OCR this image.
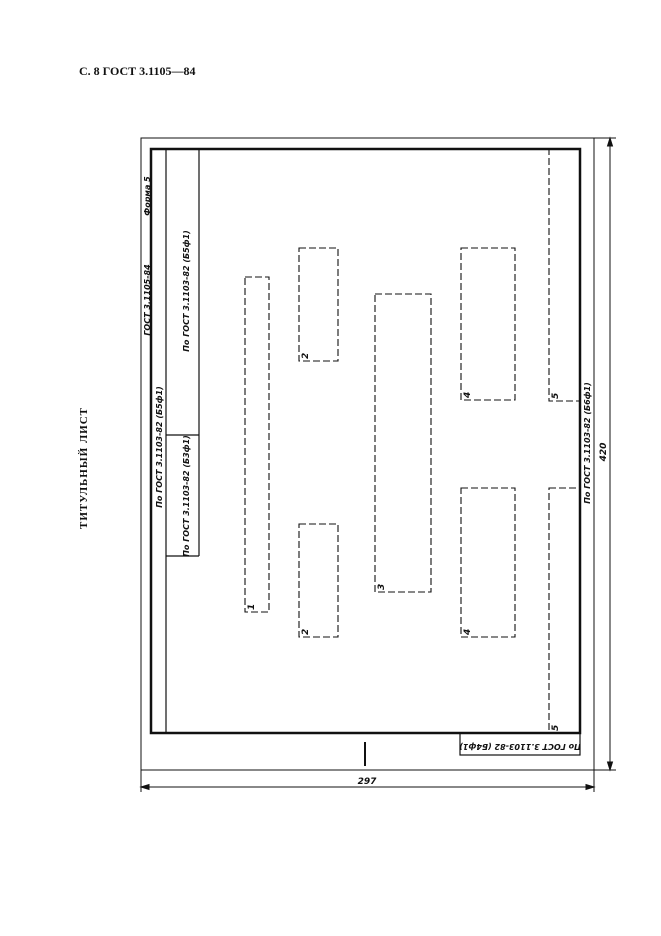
С. 8 ГОСТ 3.1105—84
ТИТУЛЬНЫЙ ЛИСТ
1
2
2
3
4
4
5
5
Форма 5
ГОСТ 3.1105-84
По ГОСТ 3.1103-82 (Б5ф1)
По ГОСТ 3.1103-82 (Б5ф1)
По ГОСТ 3.1103-82 (Б3ф1)	По ГОСТ 3.1103-82 (Б6ф1)
По ГОСТ 3.1103-82 (Б4ф1)
297
420
